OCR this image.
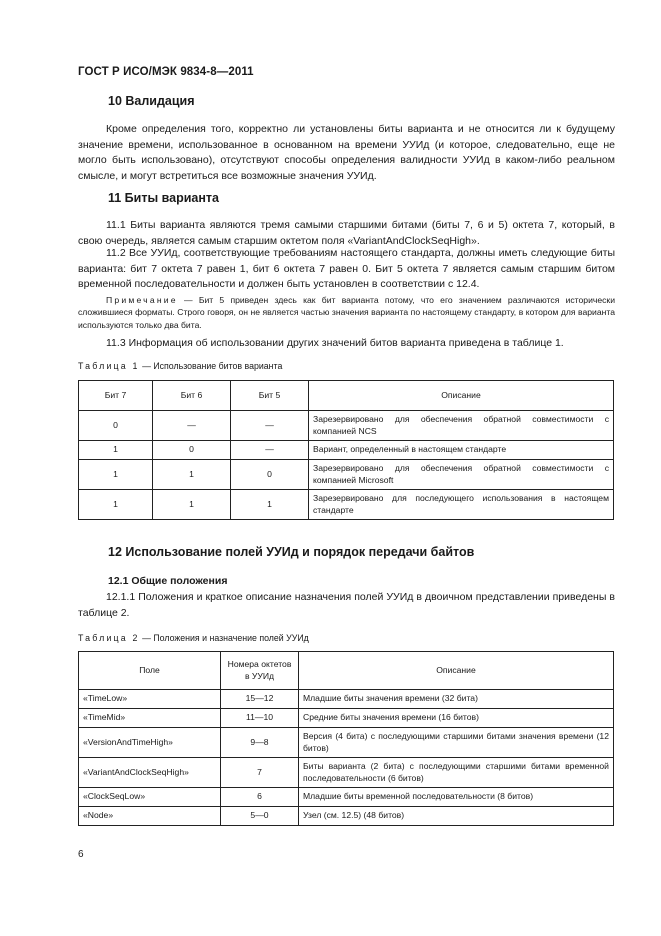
ГОСТ Р ИСО/МЭК 9834-8—2011
10 Валидация
Кроме определения того, корректно ли установлены биты варианта и не относится ли к будущему значение времени, использованное в основанном на времени УУИд (и которое, следовательно, еще не могло быть использовано), отсутствуют способы определения валидности УУИд в каком-либо реальном смысле, и могут встретиться все возможные значения УУИд.
11 Биты варианта
11.1 Биты варианта являются тремя самыми старшими битами (биты 7, 6 и 5) октета 7, который, в свою очередь, является самым старшим октетом поля «VariantAndClockSeqHigh».
11.2 Все УУИд, соответствующие требованиям настоящего стандарта, должны иметь следующие биты варианта: бит 7 октета 7 равен 1, бит 6 октета 7 равен 0. Бит 5 октета 7 является самым старшим битом временной последовательности и должен быть установлен в соответствии с 12.4.
Примечание — Бит 5 приведен здесь как бит варианта потому, что его значением различаются исторически сложившиеся форматы. Строго говоря, он не является частью значения варианта по настоящему стандарту, в котором для варианта используются только два бита.
11.3 Информация об использовании других значений битов варианта приведена в таблице 1.
Таблица 1 — Использование битов варианта
Бит 7	Бит 6	Бит 5	Описание
0	—	—	Зарезервировано для обеспечения обратной совместимости с компанией NCS
1	0	—	Вариант, определенный в настоящем стандарте
1	1	0	Зарезервировано для обеспечения обратной совместимости с компанией Microsoft
1	1	1	Зарезервировано для последующего использования в настоящем стандарте
12 Использование полей УУИд и порядок передачи байтов
12.1 Общие положения
12.1.1 Положения и краткое описание назначения полей УУИд в двоичном представлении приведены в таблице 2.
Таблица 2 — Положения и назначение полей УУИд
Поле	Номера октетов в УУИд	Описание
«TimeLow»	15—12	Младшие биты значения времени (32 бита)
«TimeMid»	11—10	Средние биты значения времени (16 битов)
«VersionAndTimeHigh»	9—8	Версия (4 бита) с последующими старшими битами значения времени (12 битов)
«VariantAndClockSeqHigh»	7	Биты варианта (2 бита) с последующими старшими битами временной последовательности (6 битов)
«ClockSeqLow»	6	Младшие биты временной последовательности (8 битов)
«Node»	5—0	Узел (см. 12.5) (48 битов)
6
